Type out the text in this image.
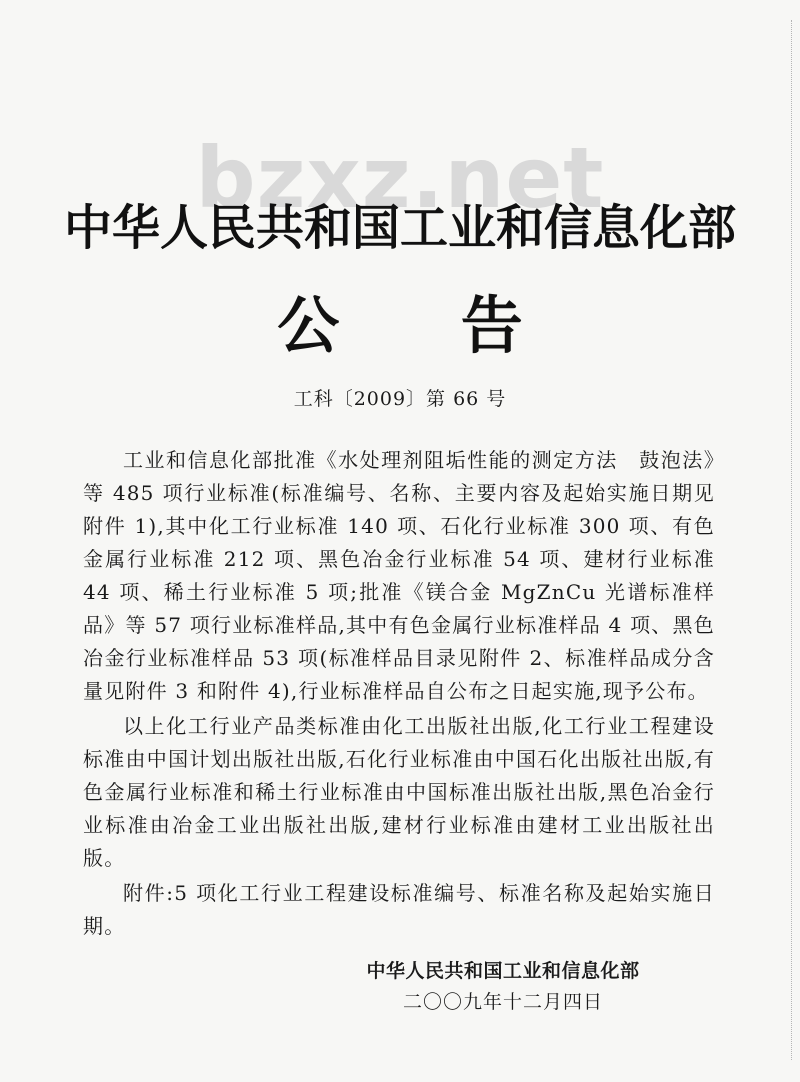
bzxz.net
中华人民共和国工业和信息化部
公 告
工科〔2009〕第 66 号

工业和信息化部批准《水处理剂阻垢性能的测定方法　鼓泡法》等 485 项行业标准(标准编号、名称、主要内容及起始实施日期见附件 1),其中化工行业标准 140 项、石化行业标准 300 项、有色金属行业标准 212 项、黑色冶金行业标准 54 项、建材行业标准 44 项、稀土行业标准 5 项;批准《镁合金 MgZnCu 光谱标准样品》等 57 项行业标准样品,其中有色金属行业标准样品 4 项、黑色冶金行业标准样品 53 项(标准样品目录见附件 2、标准样品成分含量见附件 3 和附件 4),行业标准样品自公布之日起实施,现予公布。

以上化工行业产品类标准由化工出版社出版,化工行业工程建设标准由中国计划出版社出版,石化行业标准由中国石化出版社出版,有色金属行业标准和稀土行业标准由中国标准出版社出版,黑色冶金行业标准由冶金工业出版社出版,建材行业标准由建材工业出版社出版。

附件:5 项化工行业工程建设标准编号、标准名称及起始实施日期。

中华人民共和国工业和信息化部
二〇〇九年十二月四日
